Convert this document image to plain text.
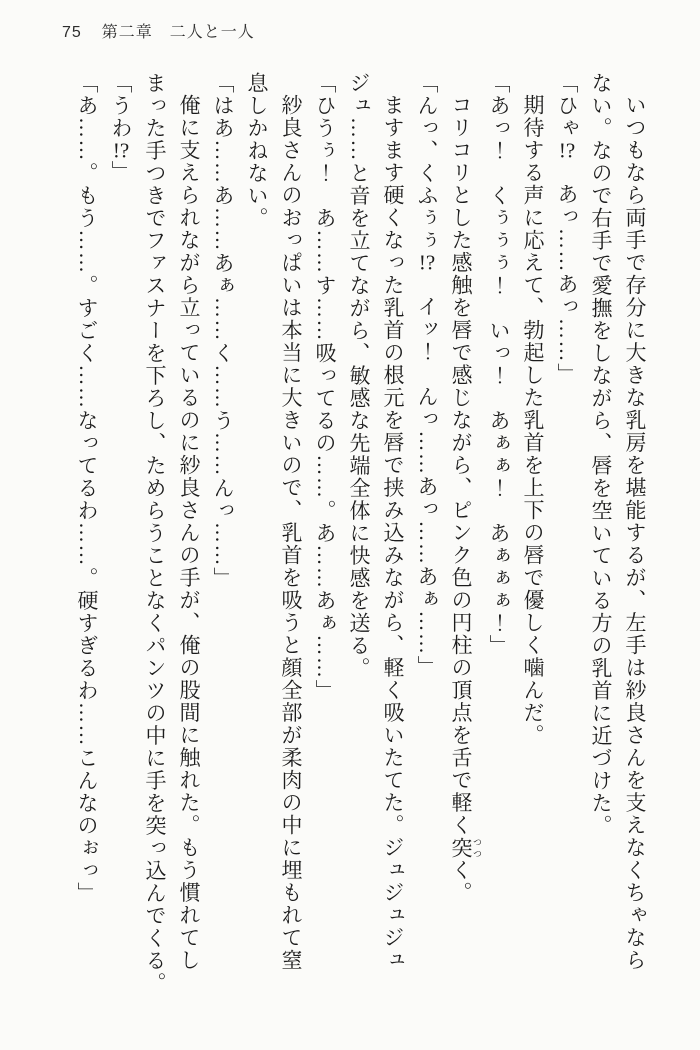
75 第二章　二人と一人

いつもなら両手で存分に大きな乳房を堪能するが、左手は紗良さんを支えなくちゃなら

ない。なので右手で愛撫をしながら、唇を空いている方の乳首に近づけた。

「ひゃ!?　あっ……あっ……」

期待する声に応えて、勃起した乳首を上下の唇で優しく噛んだ。

「あっ！　くぅぅぅ！　いっ！　あぁぁ！　あぁぁぁ！」

コリコリとした感触を唇で感じながら、ピンク色の円柱の頂点を舌で軽く突 つつく。

「んっ、くふぅぅ!?　イッ！　んっ……あっ……あぁ……」

ますます硬くなった乳首の根元を唇で挟み込みながら、軽く吸いたてた。ジュジュジュ

ジュ……と音を立てながら、敏感な先端全体に快感を送る。

「ひうぅ！　あ……す……吸ってるの……。あ……あぁ……」

紗良さんのおっぱいは本当に大きいので、乳首を吸うと顔全部が柔肉の中に埋もれて窒

息しかねない。

「はあ……あ……あぁ……く……う……んっ……」

俺に支えられながら立っているのに紗良さんの手が、俺の股間に触れた。もう慣れてし

まった手つきでファスナーを下ろし、ためらうことなくパンツの中に手を突っ込んでくる。

「うわ!?」

「あ……。もう……。すごく……なってるわ……。硬すぎるわ……こんなのぉっ」
